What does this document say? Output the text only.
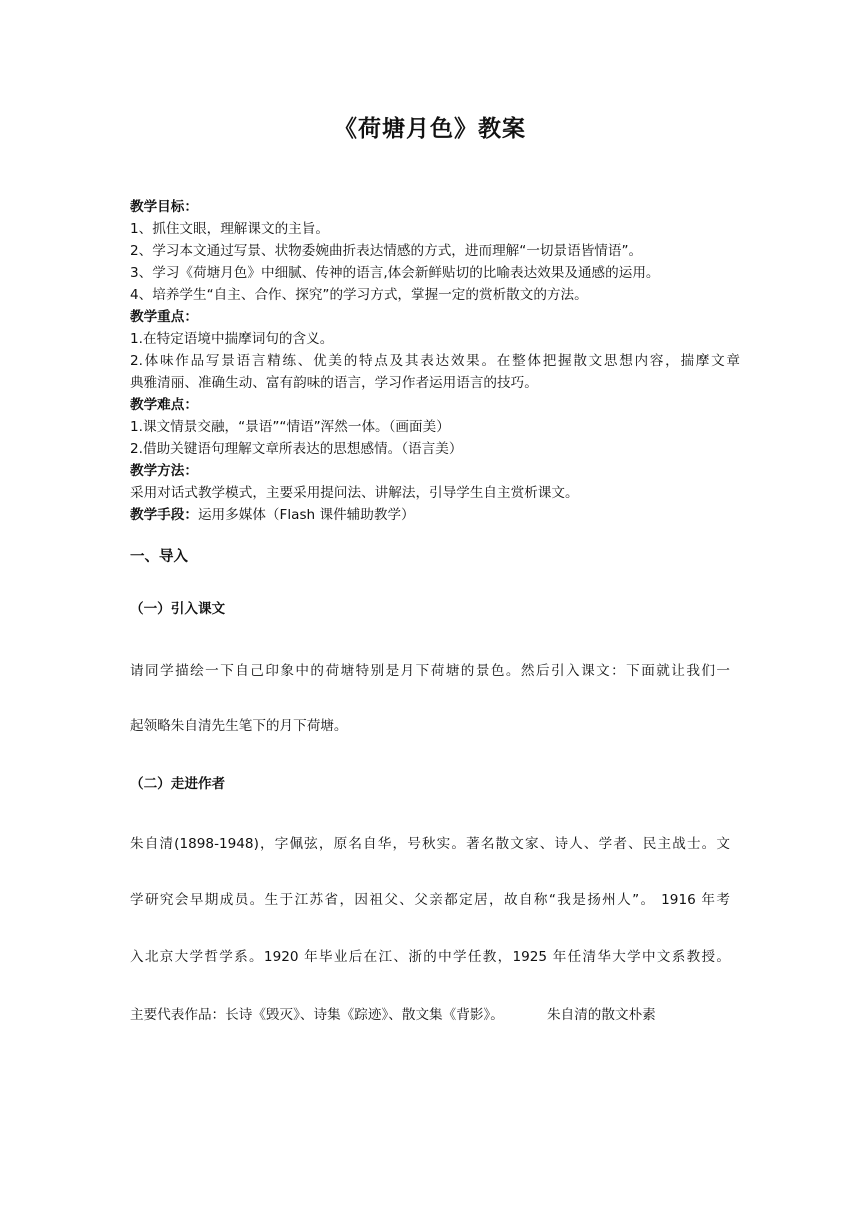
《荷塘月色》教案

教学目标：

1、抓住文眼，理解课文的主旨。

2、学习本文通过写景、状物委婉曲折表达情感的方式，进而理解“一切景语皆情语”。

3、学习《荷塘月色》中细腻、传神的语言,体会新鲜贴切的比喻表达效果及通感的运用。

4、培养学生“自主、合作、探究”的学习方式，掌握一定的赏析散文的方法。

教学重点：

1.在特定语境中揣摩词句的含义。

2.体味作品写景语言精练、优美的特点及其表达效果。在整体把握散文思想内容，揣摩文章

典雅清丽、准确生动、富有韵味的语言，学习作者运用语言的技巧。

教学难点：

1.课文情景交融，“景语”“情语”浑然一体。（画面美）

2.借助关键语句理解文章所表达的思想感情。（语言美）

教学方法：

采用对话式教学模式，主要采用提问法、讲解法，引导学生自主赏析课文。

教学手段：运用多媒体（Flash 课件辅助教学）

一、导入
（一）引入课文
请同学描绘一下自己印象中的荷塘特别是月下荷塘的景色。然后引入课文：下面就让我们一
起领略朱自清先生笔下的月下荷塘。
（二）走进作者
朱自清(1898-1948)，字佩弦，原名自华，号秋实。著名散文家、诗人、学者、民主战士。文
学研究会早期成员。生于江苏省，因祖父、父亲都定居，故自称“我是扬州人”。 1916 年考
入北京大学哲学系。1920 年毕业后在江、浙的中学任教，1925 年任清华大学中文系教授。
主要代表作品：长诗《毁灭》、诗集《踪迹》、散文集《背影》。          朱自清的散文朴素
